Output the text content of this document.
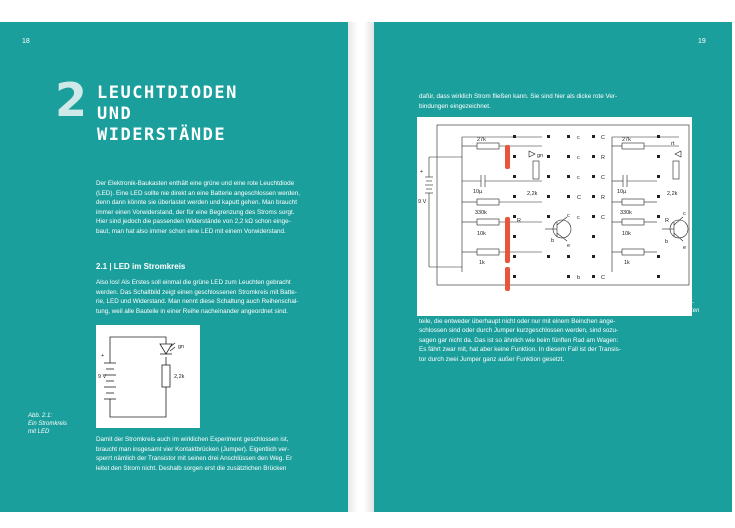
18
2 LEUCHTDIODEN
UND
WIDERSTÄNDE
Der Elektronik-Baukasten enthält eine grüne und eine rote Leuchtdiode
(LED). Eine LED sollte nie direkt an eine Batterie angeschlossen werden,
denn dann könnte sie überlastet werden und kaputt gehen. Man braucht
immer einen Vorwiderstand, der für eine Begrenzung des Stroms sorgt.
Hier sind jedoch die passenden Widerstände von 2,2 kΩ schon einge-
baut, man hat also immer schon eine LED mit einem Vorwiderstand.
2.1 | LED im Stromkreis
Also los! Als Erstes soll einmal die grüne LED zum Leuchten gebracht
werden. Das Schaltbild zeigt einen geschlossenen Stromkreis mit Batte-
rie, LED und Widerstand. Man nennt diese Schaltung auch Reihenschal-
tung, weil alle Bauteile in einer Reihe nacheinander angeordnet sind.
+
9 V
gn
2,2k
Abb. 2.1:
Ein Stromkreis
mit LED
Damit der Stromkreis auch im wirklichen Experiment geschlossen ist,
braucht man insgesamt vier Kontaktbrücken (Jumper). Eigentlich ver-
sperrt nämlich der Transistor mit seinen drei Anschlüssen den Weg. Er
leitet den Strom nicht. Deshalb sorgen erst die zusätzlichen Brücken
19
dafür, dass wirklich Strom fließen kann. Sie sind hier als dicke rote Ver-
bindungen eingezeichnet.
27k
10µ
330k
10k
1k
2,2k
gn
R
c
b
e
c	C
c	R
c	C
C	R
c	C
b	C
27k
10µ
330k
10k
1k
2,2k
rt
R
c
b
e
+
9 V
Abb. 2.2: Die nöti-
gen Kontaktbrücken
Mit diesen vier Brücken funktioniert es. Die grüne LED leuchtet. Alle Bau-
teile, die entweder überhaupt nicht oder nur mit einem Beinchen ange-
schlossen sind oder durch Jumper kurzgeschlossen werden, sind sozu-
sagen gar nicht da. Das ist so ähnlich wie beim fünften Rad am Wagen:
Es fährt zwar mit, hat aber keine Funktion. In diesem Fall ist der Transis-
tor durch zwei Jumper ganz außer Funktion gesetzt.
